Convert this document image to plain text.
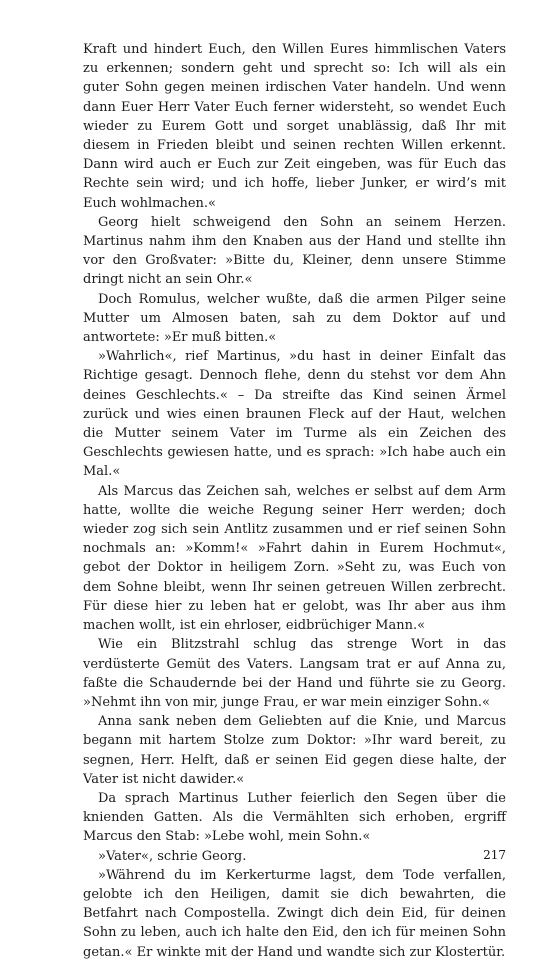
Kraft und hindert Euch, den Willen Eures himmlischen Vaters zu erkennen; sondern geht und sprecht so: Ich will als ein guter Sohn gegen meinen irdischen Vater handeln. Und wenn dann Euer Herr Vater Euch ferner widersteht, so wendet Euch wieder zu Eurem Gott und sorget unablässig, daß Ihr mit diesem in Frieden bleibt und seinen rechten Willen erkennt. Dann wird auch er Euch zur Zeit eingeben, was für Euch das Rechte sein wird; und ich hoffe, lieber Junker, er wird’s mit Euch wohlmachen.«

Georg hielt schweigend den Sohn an seinem Herzen. Martinus nahm ihm den Knaben aus der Hand und stellte ihn vor den Großvater: »Bitte du, Kleiner, denn unsere Stimme dringt nicht an sein Ohr.«

Doch Romulus, welcher wußte, daß die armen Pilger seine Mutter um Almosen baten, sah zu dem Doktor auf und antwortete: »Er muß bitten.«

»Wahrlich«, rief Martinus, »du hast in deiner Einfalt das Richtige gesagt. Dennoch flehe, denn du stehst vor dem Ahn deines Geschlechts.« – Da streifte das Kind seinen Ärmel zurück und wies einen braunen Fleck auf der Haut, welchen die Mutter seinem Vater im Turme als ein Zeichen des Geschlechts gewiesen hatte, und es sprach: »Ich habe auch ein Mal.«

Als Marcus das Zeichen sah, welches er selbst auf dem Arm hatte, wollte die weiche Regung seiner Herr werden; doch wieder zog sich sein Antlitz zusammen und er rief seinen Sohn nochmals an: »Komm!« »Fahrt dahin in Eurem Hochmut«, gebot der Doktor in heiligem Zorn. »Seht zu, was Euch von dem Sohne bleibt, wenn Ihr seinen getreuen Willen zerbrecht. Für diese hier zu leben hat er gelobt, was Ihr aber aus ihm machen wollt, ist ein ehrloser, eidbrüchiger Mann.«

Wie ein Blitzstrahl schlug das strenge Wort in das verdüsterte Gemüt des Vaters. Langsam trat er auf Anna zu, faßte die Schaudernde bei der Hand und führte sie zu Georg. »Nehmt ihn von mir, junge Frau, er war mein einziger Sohn.«

Anna sank neben dem Geliebten auf die Knie, und Marcus begann mit hartem Stolze zum Doktor: »Ihr ward bereit, zu segnen, Herr. Helft, daß er seinen Eid gegen diese halte, der Vater ist nicht dawider.«

Da sprach Martinus Luther feierlich den Segen über die knienden Gatten. Als die Vermählten sich erhoben, ergriff Marcus den Stab: »Lebe wohl, mein Sohn.«

»Vater«, schrie Georg.

»Während du im Kerkerturme lagst, dem Tode verfallen, gelobte ich den Heiligen, damit sie dich bewahrten, die Betfahrt nach Compostella. Zwingt dich dein Eid, für deinen Sohn zu leben, auch ich halte den Eid, den ich für meinen Sohn getan.« Er winkte mit der Hand und wandte sich zur Klostertür.

217
